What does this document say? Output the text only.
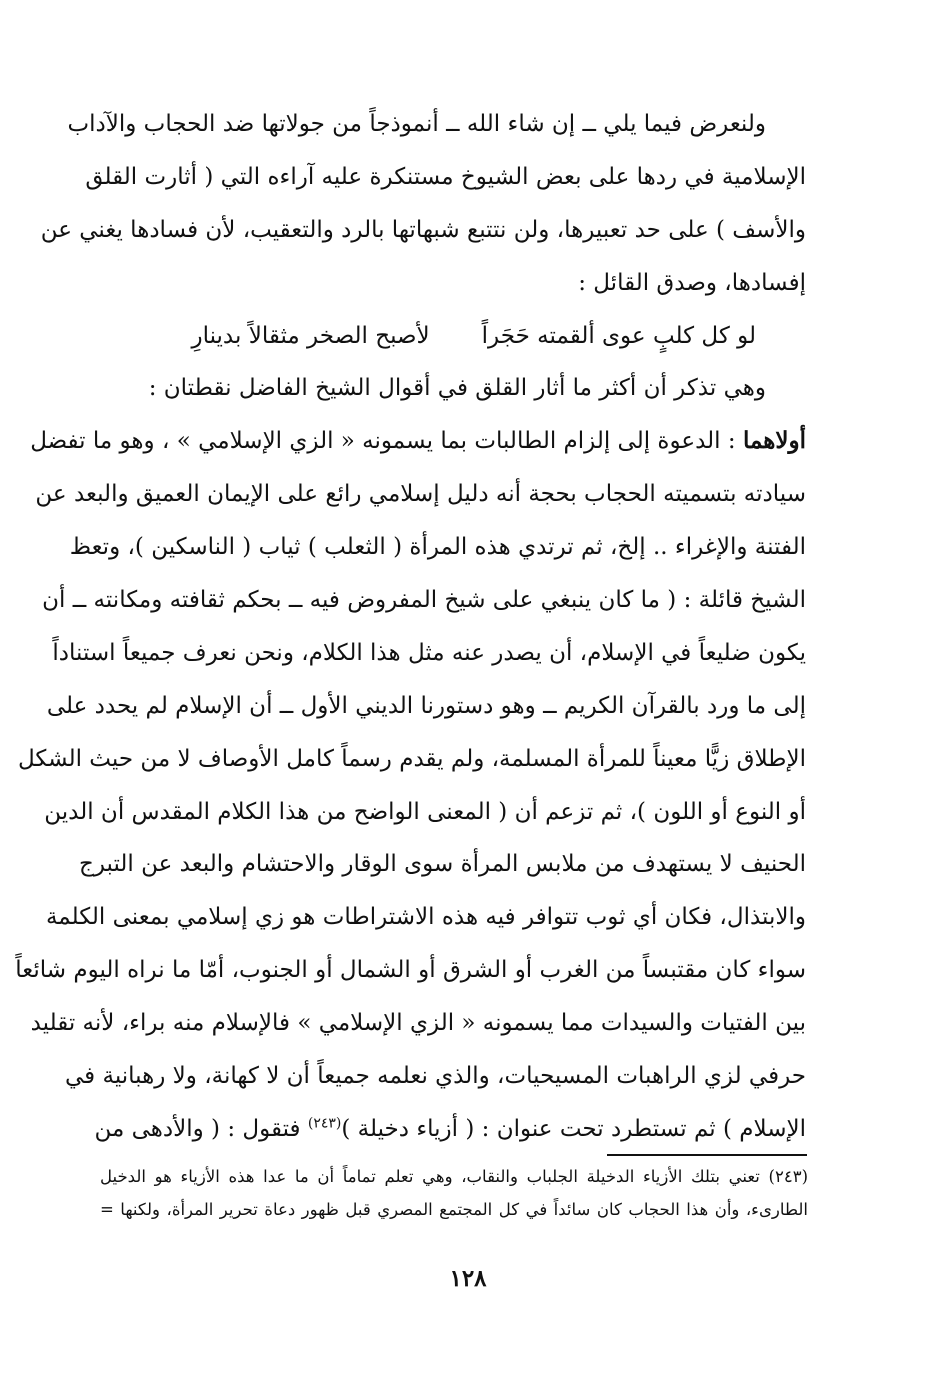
ولنعرض فيما يلي ــ إن شاء الله ــ أنموذجاً من جولاتها ضد الحجاب والآداب
الإسلامية في ردها على بعض الشيوخ مستنكرة عليه آراءه التي ( أثارت القلق
والأسف ) على حد تعبيرها، ولن نتتبع شبهاتها بالرد والتعقيب، لأن فسادها يغني عن
إفسادها، وصدق القائل :
لو كل كلبٍ عوى ألقمته حَجَراً
لأصبح الصخر مثقالاً بدينارِ
وهي تذكر أن أكثر ما أثار القلق في أقوال الشيخ الفاضل نقطتان :
أولاهما : الدعوة إلى إلزام الطالبات بما يسمونه « الزي الإسلامي » ، وهو ما تفضل
سيادته بتسميته الحجاب بحجة أنه دليل إسلامي رائع على الإيمان العميق والبعد عن
الفتنة والإغراء .. إلخ، ثم ترتدي هذه المرأة ( الثعلب ) ثياب ( الناسكين )، وتعظ
الشيخ قائلة : ( ما كان ينبغي على شيخ المفروض فيه ــ بحكم ثقافته ومكانته ــ أن
يكون ضليعاً في الإسلام، أن يصدر عنه مثل هذا الكلام، ونحن نعرف جميعاً استناداً
إلى ما ورد بالقرآن الكريم ــ وهو دستورنا الديني الأول ــ أن الإسلام لم يحدد على
الإطلاق زيًّا معيناً للمرأة المسلمة، ولم يقدم رسماً كامل الأوصاف لا من حيث الشكل
أو النوع أو اللون )، ثم تزعم أن ( المعنى الواضح من هذا الكلام المقدس أن الدين
الحنيف لا يستهدف من ملابس المرأة سوى الوقار والاحتشام والبعد عن التبرج
والابتذال، فكان أي ثوب تتوافر فيه هذه الاشتراطات هو زي إسلامي بمعنى الكلمة
سواء كان مقتبساً من الغرب أو الشرق أو الشمال أو الجنوب، أمّا ما نراه اليوم شائعاً
بين الفتيات والسيدات مما يسمونه « الزي الإسلامي » فالإسلام منه براء، لأنه تقليد
حرفي لزي الراهبات المسيحيات، والذي نعلمه جميعاً أن لا كهانة، ولا رهبانية في
الإسلام ) ثم تستطرد تحت عنوان : ( أزياء دخيلة )$^{(٢٤٣)}$ فتقول : ( والأدهى من
(٢٤٣) تعني بتلك الأزياء الدخيلة الجلباب والنقاب، وهي تعلم تماماً أن ما عدا هذه الأزياء هو الدخيل
الطارىء، وأن هذا الحجاب كان سائداً في كل المجتمع المصري قبل ظهور دعاة تحرير المرأة، ولكنها =
١٢٨
